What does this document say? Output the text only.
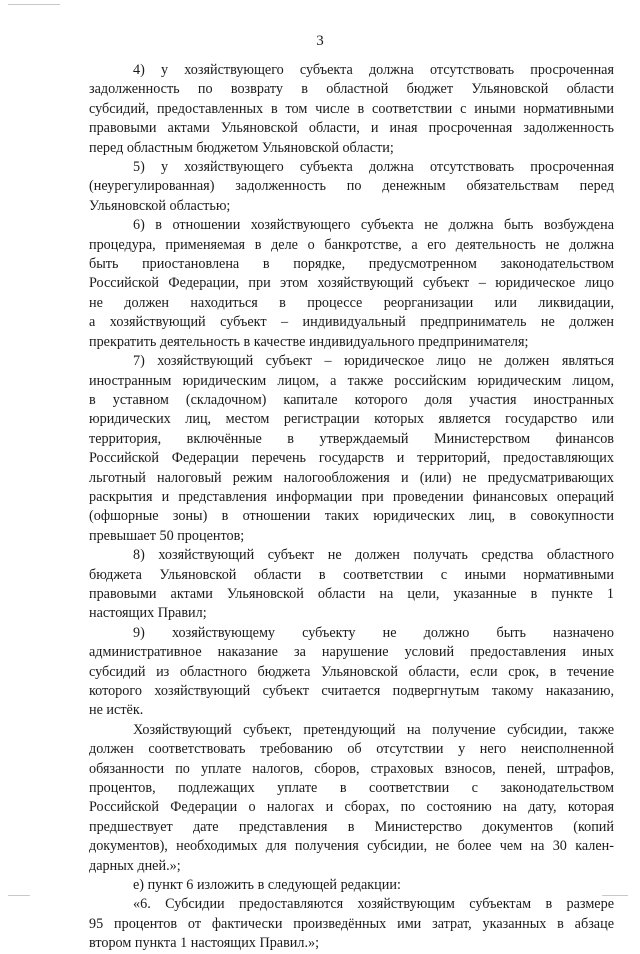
3
4) у хозяйствующего субъекта должна отсутствовать просроченная
задолженность по возврату в областной бюджет Ульяновской области
субсидий, предоставленных в том числе в соответствии с иными нормативными
правовыми актами Ульяновской области, и иная просроченная задолженность
перед областным бюджетом Ульяновской области;
5) у хозяйствующего субъекта должна отсутствовать просроченная
(неурегулированная) задолженность по денежным обязательствам перед
Ульяновской областью;
6) в отношении хозяйствующего субъекта не должна быть возбуждена
процедура, применяемая в деле о банкротстве, а его деятельность не должна
быть приостановлена в порядке, предусмотренном законодательством
Российской Федерации, при этом хозяйствующий субъект – юридическое лицо
не должен находиться в процессе реорганизации или ликвидации,
а хозяйствующий субъект – индивидуальный предприниматель не должен
прекратить деятельность в качестве индивидуального предпринимателя;
7) хозяйствующий субъект – юридическое лицо не должен являться
иностранным юридическим лицом, а также российским юридическим лицом,
в уставном (складочном) капитале которого доля участия иностранных
юридических лиц, местом регистрации которых является государство или
территория, включённые в утверждаемый Министерством финансов
Российской Федерации перечень государств и территорий, предоставляющих
льготный налоговый режим налогообложения и (или) не предусматривающих
раскрытия и представления информации при проведении финансовых операций
(офшорные зоны) в отношении таких юридических лиц, в совокупности
превышает 50 процентов;
8) хозяйствующий субъект не должен получать средства областного
бюджета Ульяновской области в соответствии с иными нормативными
правовыми актами Ульяновской области на цели, указанные в пункте 1
настоящих Правил;
9) хозяйствующему субъекту не должно быть назначено
административное наказание за нарушение условий предоставления иных
субсидий из областного бюджета Ульяновской области, если срок, в течение
которого хозяйствующий субъект считается подвергнутым такому наказанию,
не истёк.
Хозяйствующий субъект, претендующий на получение субсидии, также
должен соответствовать требованию об отсутствии у него неисполненной
обязанности по уплате налогов, сборов, страховых взносов, пеней, штрафов,
процентов, подлежащих уплате в соответствии с законодательством
Российской Федерации о налогах и сборах, по состоянию на дату, которая
предшествует дате представления в Министерство документов (копий
документов), необходимых для получения субсидии, не более чем на 30 кален-
дарных дней.»;
е) пункт 6 изложить в следующей редакции:
«6. Субсидии предоставляются хозяйствующим субъектам в размере
95 процентов от фактически произведённых ими затрат, указанных в абзаце
втором пункта 1 настоящих Правил.»;
